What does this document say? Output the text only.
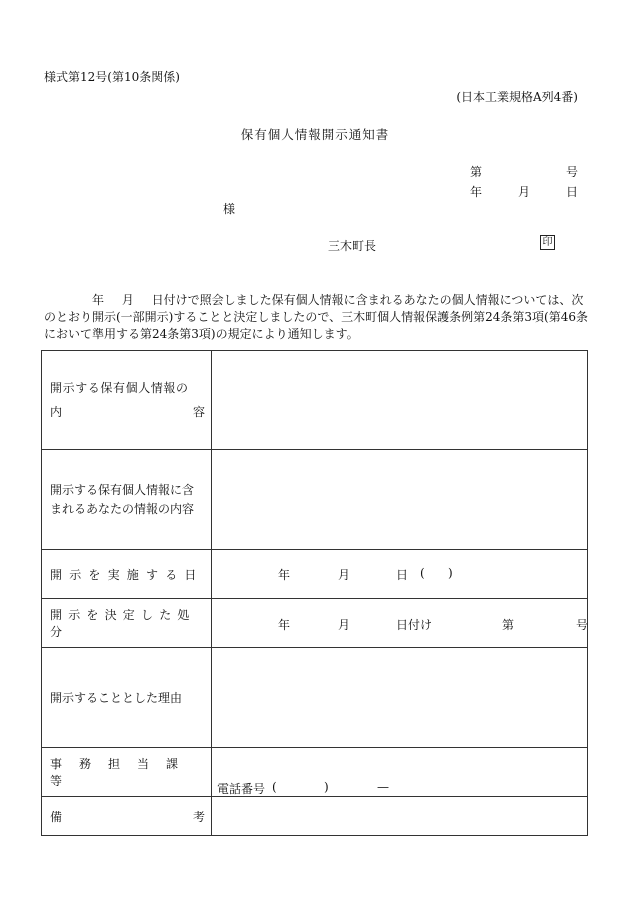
様式第12号(第10条関係)
(日本工業規格A列4番)
保有個人情報開示通知書
第	号
年	月	日
様
三木町長	印

年 月 日付けで照会しました保有個人情報に含まれるあなたの個人情報については、次

のとおり開示(一部開示)することと決定しましたので、三木町個人情報保護条例第24条第3項(第46条

において準用する第24条第3項)の規定により通知します。

開示する保有個人情報の
内 容	

開示する保有個人情報に含
まれるあなたの情報の内容	

開示を実施する日	年 月 日 ( )

開示を決定した処分	年 月 日付け 第 号

開示することとした理由	

事務担当課等	電話番号 ( ) —

備 考	
